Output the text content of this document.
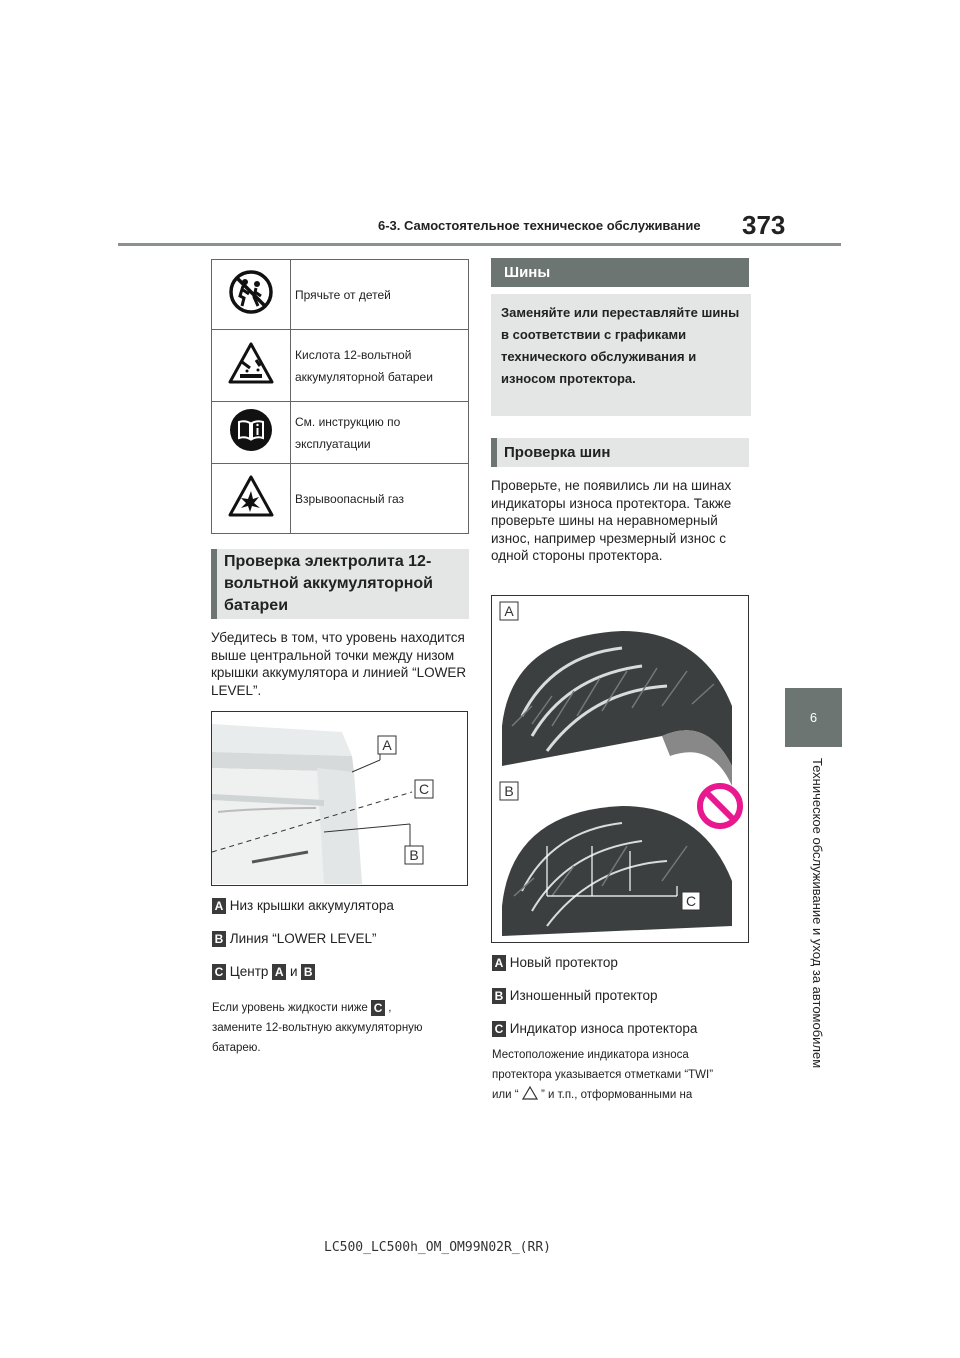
6-3. Самостоятельное техническое обслуживание 373
6
Техническое обслуживание и уход за автомобилем
	Прячьте от детей
	Кислота 12-вольтной аккумуляторной батареи
	См. инструкцию по эксплуатации
	Взрывоопасный газ
Проверка электролита 12-вольтной аккумуляторной батареи
Убедитесь в том, что уровень находится выше центральной точки между низом крышки аккумулятора и линией “LOWER LEVEL”.
A
C
B
A Низ крышки аккумулятора
B Линия “LOWER LEVEL”
C Центр A и B
Если уровень жидкости ниже C ,
замените 12-вольтную аккумуляторную батарею.
Шины
Заменяйте или переставляйте шины в соответствии с графиками технического обслуживания и износом протектора.
Проверка шин
Проверьте, не появились ли на шинах индикаторы износа протектора. Также проверьте шины на неравномерный износ, например чрезмерный износ с одной стороны протектора.
A
B
C
A Новый протектор
B Изношенный протектор
C Индикатор износа протектора
Местоположение индикатора износа
протектора указывается отметками “TWI”
или “ ” и т.п., отформованными на
LC500_LC500h_OM_OM99N02R_(RR)
